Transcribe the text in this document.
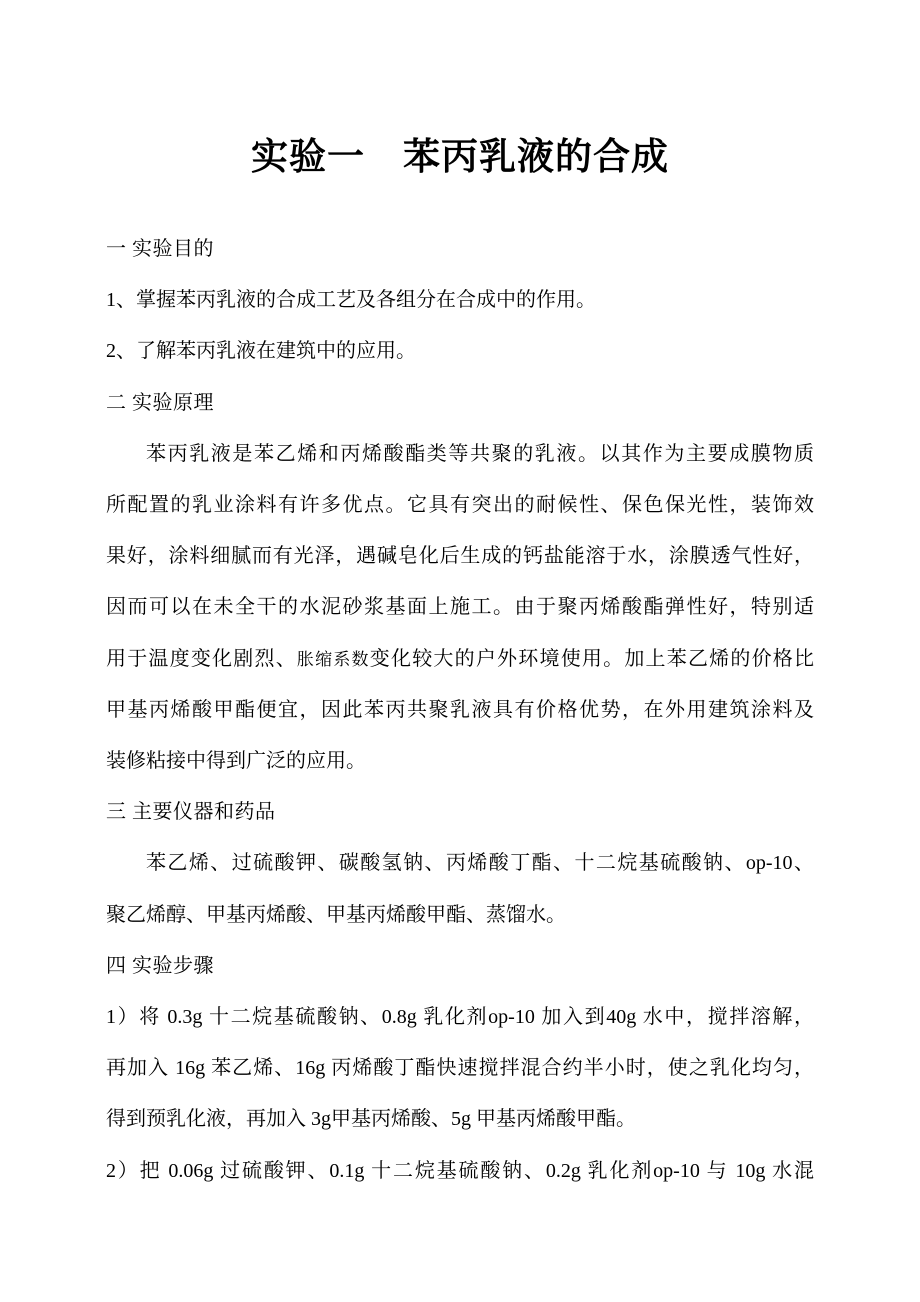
实验一　苯丙乳液的合成
一 实验目的
1、掌握苯丙乳液的合成工艺及各组分在合成中的作用。
2、了解苯丙乳液在建筑中的应用。
二 实验原理
苯丙乳液是苯乙烯和丙烯酸酯类等共聚的乳液。以其作为主要成膜物质
所配置的乳业涂料有许多优点。它具有突出的耐候性、保色保光性，装饰效
果好，涂料细腻而有光泽，遇碱皂化后生成的钙盐能溶于水，涂膜透气性好，
因而可以在未全干的水泥砂浆基面上施工。由于聚丙烯酸酯弹性好，特别适
用于温度变化剧烈、胀缩系数变化较大的户外环境使用。加上苯乙烯的价格比
甲基丙烯酸甲酯便宜，因此苯丙共聚乳液具有价格优势，在外用建筑涂料及
装修粘接中得到广泛的应用。
三 主要仪器和药品
苯乙烯、过硫酸钾、碳酸氢钠、丙烯酸丁酯、十二烷基硫酸钠、op-10、
聚乙烯醇、甲基丙烯酸、甲基丙烯酸甲酯、蒸馏水。
四 实验步骤
1）将 0.3g 十二烷基硫酸钠、0.8g 乳化剂op-10 加入到40g 水中，搅拌溶解，
再加入 16g 苯乙烯、16g 丙烯酸丁酯快速搅拌混合约半小时，使之乳化均匀，
得到预乳化液，再加入 3g甲基丙烯酸、5g 甲基丙烯酸甲酯。
2）把 0.06g 过硫酸钾、0.1g 十二烷基硫酸钠、0.2g 乳化剂op-10 与 10g 水混
